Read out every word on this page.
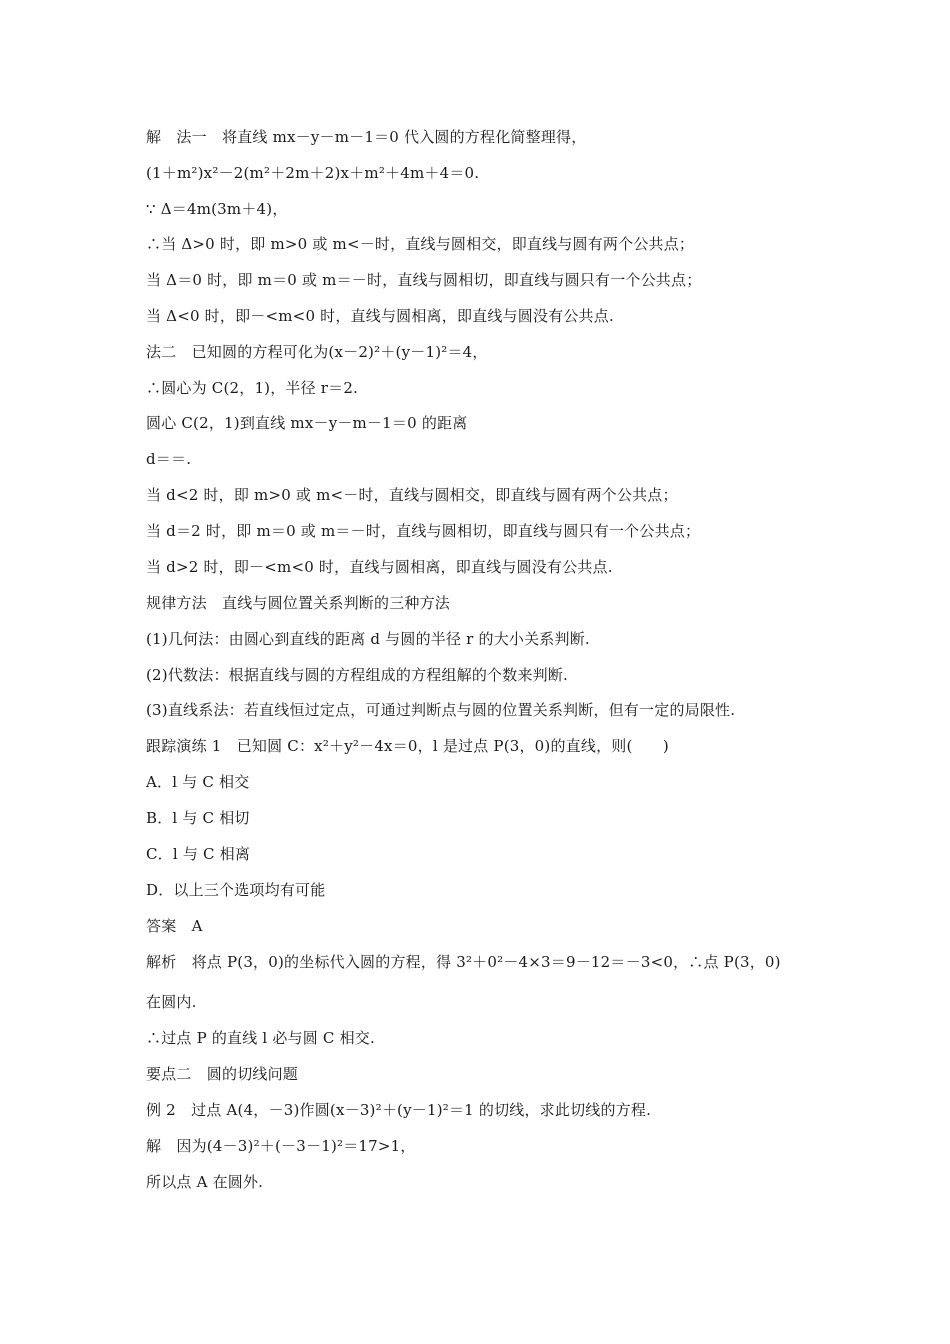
解　法一　将直线 mx－y－m－1＝0 代入圆的方程化简整理得，
(1＋m²)x²－2(m²＋2m＋2)x＋m²＋4m＋4＝0.
∵ Δ＝4m(3m＋4)，
∴当 Δ>0 时，即 m>0 或 m<－时，直线与圆相交，即直线与圆有两个公共点；
当 Δ＝0 时，即 m＝0 或 m＝－时，直线与圆相切，即直线与圆只有一个公共点；
当 Δ<0 时，即－<m<0 时，直线与圆相离，即直线与圆没有公共点.
法二　已知圆的方程可化为(x－2)²＋(y－1)²＝4，
∴圆心为 C(2，1)，半径 r＝2.
圆心 C(2，1)到直线 mx－y－m－1＝0 的距离
d＝＝.
当 d<2 时，即 m>0 或 m<－时，直线与圆相交，即直线与圆有两个公共点；
当 d＝2 时，即 m＝0 或 m＝－时，直线与圆相切，即直线与圆只有一个公共点；
当 d>2 时，即－<m<0 时，直线与圆相离，即直线与圆没有公共点.
规律方法　直线与圆位置关系判断的三种方法
(1)几何法：由圆心到直线的距离 d 与圆的半径 r 的大小关系判断.
(2)代数法：根据直线与圆的方程组成的方程组解的个数来判断.
(3)直线系法：若直线恒过定点，可通过判断点与圆的位置关系判断，但有一定的局限性.
跟踪演练 1　已知圆 C：x²＋y²－4x＝0，l 是过点 P(3，0)的直线，则(　　)
A．l 与 C 相交
B．l 与 C 相切
C．l 与 C 相离
D．以上三个选项均有可能
答案　A
解析　将点 P(3，0)的坐标代入圆的方程，得 3²＋0²－4×3＝9－12＝－3<0，∴点 P(3，0)
在圆内.
∴过点 P 的直线 l 必与圆 C 相交.
要点二　圆的切线问题
例 2　过点 A(4，－3)作圆(x－3)²＋(y－1)²＝1 的切线，求此切线的方程.
解　因为(4－3)²＋(－3－1)²＝17>1，
所以点 A 在圆外.
